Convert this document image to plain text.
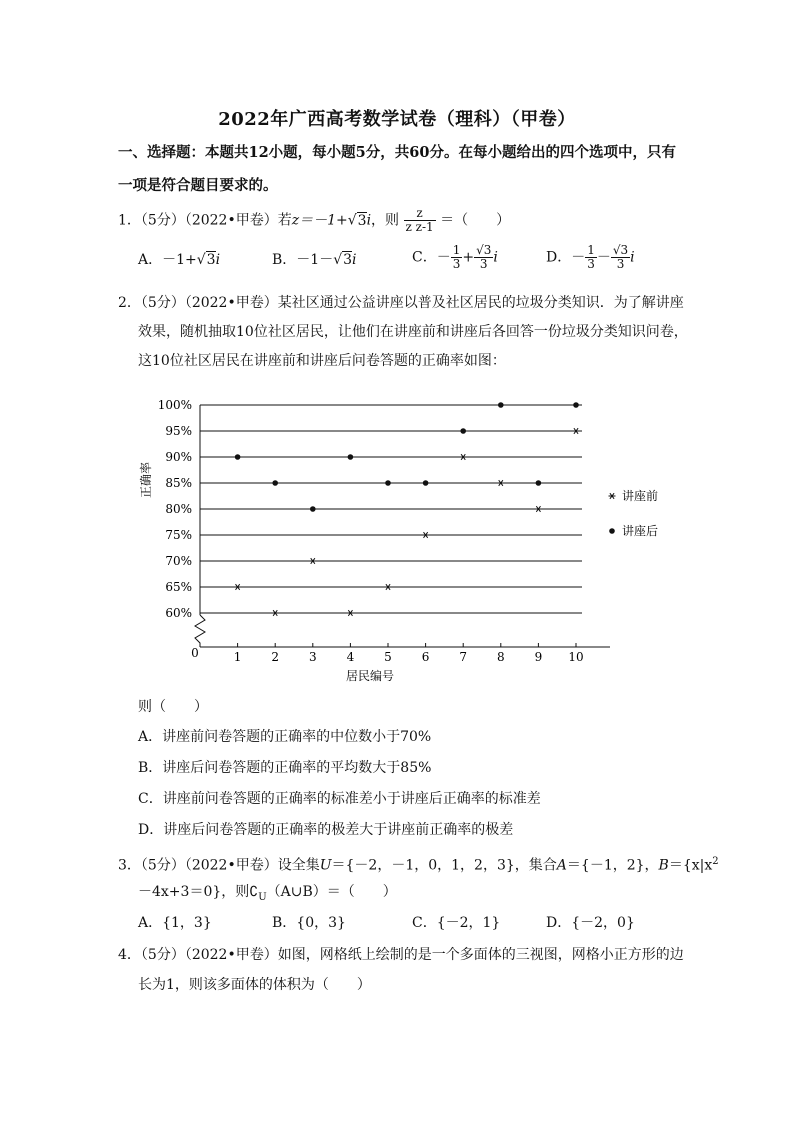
2022年广西高考数学试卷（理科）（甲卷）
一、选择题：本题共12小题，每小题5分，共60分。在每小题给出的四个选项中，只有
一项是符合题目要求的。
1．（5分）（2022•甲卷）若z＝－1+√3i，则 $\frac{z}{\text{z z-1}}$ ＝（　　）
A．－1+√3i	B．－1－√3i	C．－ $\frac{1}{3} + \frac{√3}{3}$ i	D．－ $\frac{1}{3} - \frac{√3}{3}$ i
2．（5分）（2022•甲卷）某社区通过公益讲座以普及社区居民的垃圾分类知识．为了解讲座
效果，随机抽取10位社区居民，让他们在讲座前和讲座后各回答一份垃圾分类知识问卷，
这10位社区居民在讲座前和讲座后问卷答题的正确率如图：
60%
65%
70%
75%
80%
85%
90%
95%
100%
1 2 3 4 5 6 7 8 9 10
正确率
居民编号
0
讲座前
讲座后
则（　　）
A．讲座前问卷答题的正确率的中位数小于70%
B．讲座后问卷答题的正确率的平均数大于85%
C．讲座前问卷答题的正确率的标准差小于讲座后正确率的标准差
D．讲座后问卷答题的正确率的极差大于讲座前正确率的极差
3．（5分）（2022•甲卷）设全集U＝{－2，－1，0，1，2，3}，集合A＝{－1，2}，$B=\{x|x^2$
－4x+3＝0}，则$∁_U(A\cup B)=$（　　）
A．{1，3}	B．{0，3}	C．{－2，1}	D．{－2，0}
4．（5分）（2022•甲卷）如图，网格纸上绘制的是一个多面体的三视图，网格小正方形的边
长为1，则该多面体的体积为（　　）
